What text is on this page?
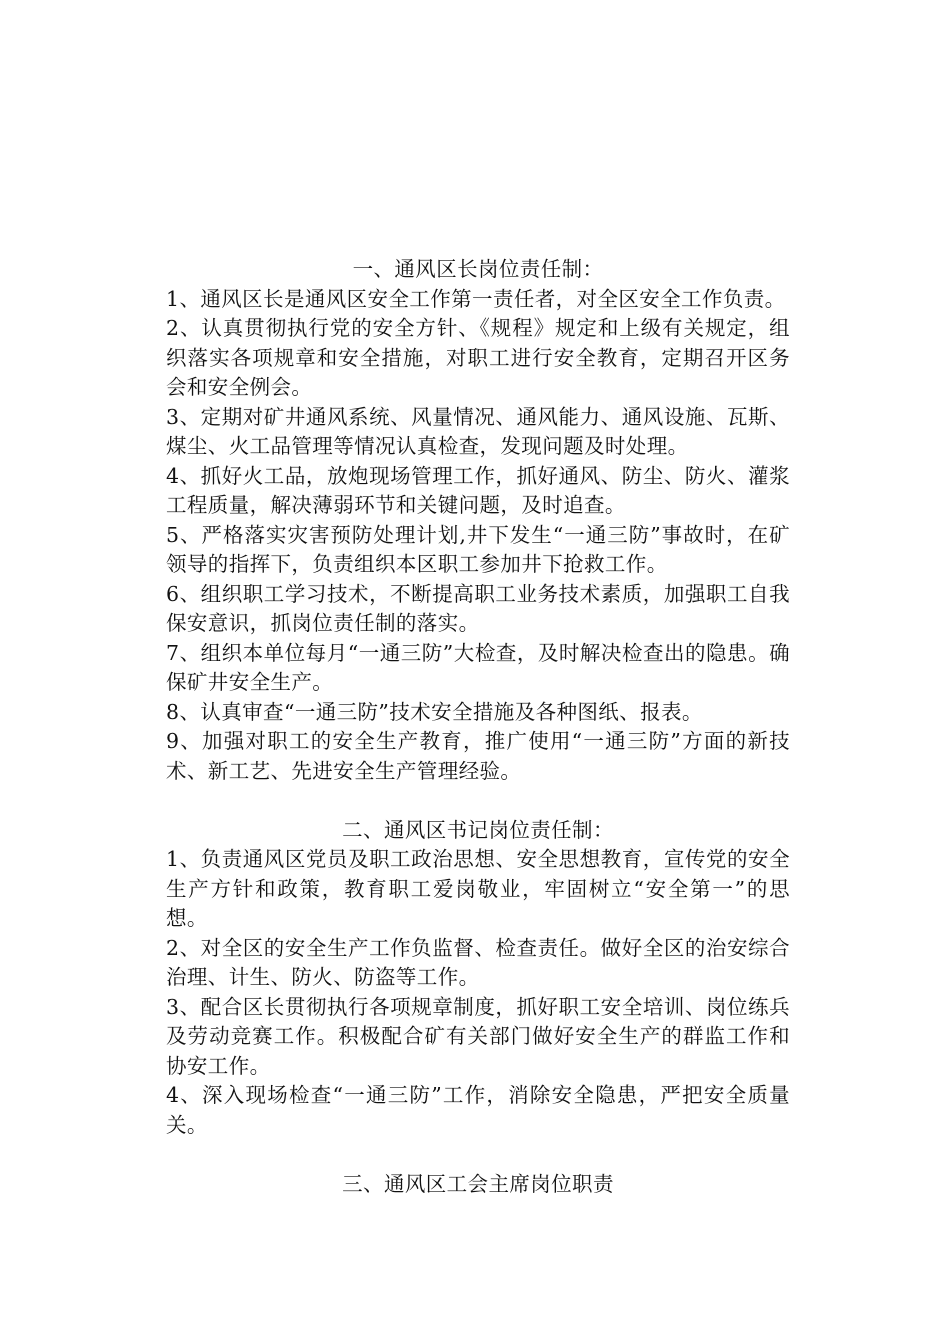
一、通风区长岗位责任制：

1、通风区长是通风区安全工作第一责任者，对全区安全工作负责。

2、认真贯彻执行党的安全方针、《规程》规定和上级有关规定，组织落实各项规章和安全措施，对职工进行安全教育，定期召开区务会和安全例会。

3、定期对矿井通风系统、风量情况、通风能力、通风设施、瓦斯、煤尘、火工品管理等情况认真检查，发现问题及时处理。

4、抓好火工品，放炮现场管理工作，抓好通风、防尘、防火、灌浆工程质量，解决薄弱环节和关键问题，及时追查。

5、严格落实灾害预防处理计划,井下发生“一通三防”事故时，在矿领导的指挥下，负责组织本区职工参加井下抢救工作。

6、组织职工学习技术，不断提高职工业务技术素质，加强职工自我保安意识，抓岗位责任制的落实。

7、组织本单位每月“一通三防”大检查，及时解决检查出的隐患。确保矿井安全生产。

8、认真审查“一通三防”技术安全措施及各种图纸、报表。

9、加强对职工的安全生产教育，推广使用“一通三防”方面的新技术、新工艺、先进安全生产管理经验。

二、通风区书记岗位责任制：

1、负责通风区党员及职工政治思想、安全思想教育，宣传党的安全生产方针和政策，教育职工爱岗敬业，牢固树立“安全第一”的思想。

2、对全区的安全生产工作负监督、检查责任。做好全区的治安综合治理、计生、防火、防盗等工作。

3、配合区长贯彻执行各项规章制度，抓好职工安全培训、岗位练兵及劳动竞赛工作。积极配合矿有关部门做好安全生产的群监工作和协安工作。

4、深入现场检查“一通三防”工作，消除安全隐患，严把安全质量关。

三、通风区工会主席岗位职责
